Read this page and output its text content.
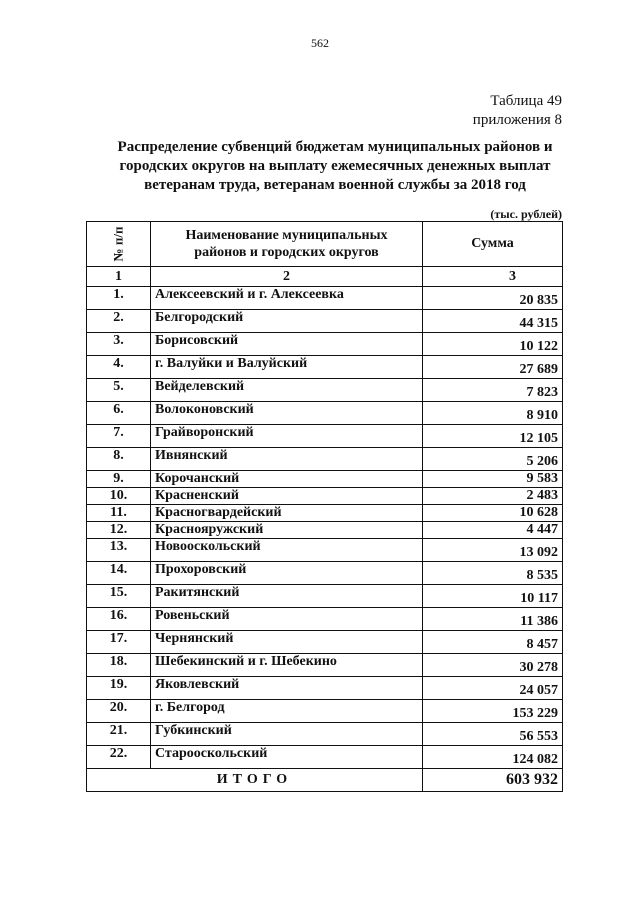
562
Таблица 49
приложения 8
Распределение субвенций бюджетам муниципальных районов и
городских округов на выплату ежемесячных денежных выплат
ветеранам труда, ветеранам военной службы за 2018 год
(тыс. рублей)
№ п/п	Наименование муниципальных
районов и городских округов	Сумма
1	2	3
1.	Алексеевский и г. Алексеевка	20 835
2.	Белгородский	44 315
3.	Борисовский	10 122
4.	г. Валуйки и Валуйский	27 689
5.	Вейделевский	7 823
6.	Волоконовский	8 910
7.	Грайворонский	12 105
8.	Ивнянский	5 206
9.	Корочанский	9 583
10.	Красненский	2 483
11.	Красногвардейский	10 628
12.	Краснояружский	4 447
13.	Новооскольский	13 092
14.	Прохоровский	8 535
15.	Ракитянский	10 117
16.	Ровеньский	11 386
17.	Чернянский	8 457
18.	Шебекинский и г. Шебекино	30 278
19.	Яковлевский	24 057
20.	г. Белгород	153 229
21.	Губкинский	56 553
22.	Старооскольский	124 082
ИТОГО		603 932
